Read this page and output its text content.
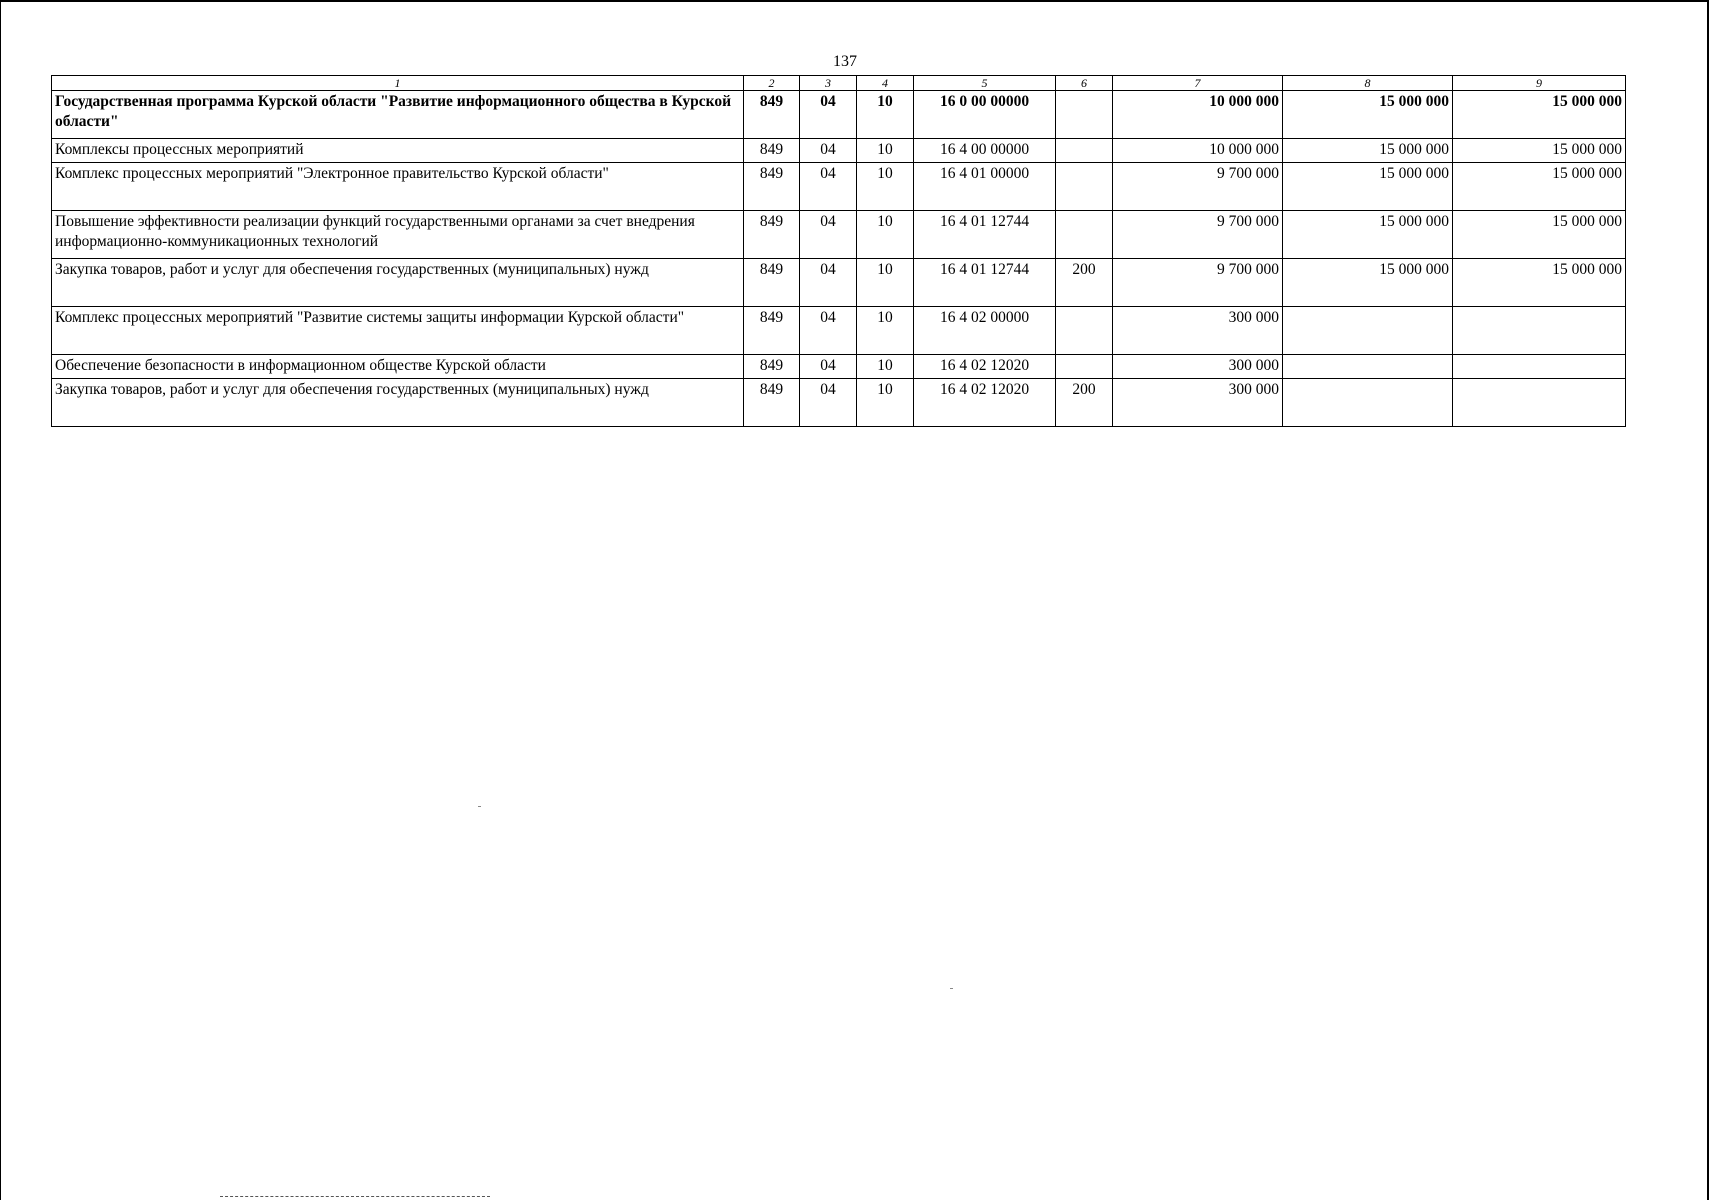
137
1	2	3	4	5	6	7	8	9
Государственная программа Курской области "Развитие информационного общества в Курской области"	849	04	10	16 0 00 00000		10 000 000	15 000 000	15 000 000
Комплексы процессных мероприятий	849	04	10	16 4 00 00000		10 000 000	15 000 000	15 000 000
Комплекс процессных мероприятий "Электронное правительство Курской области"	849	04	10	16 4 01 00000		9 700 000	15 000 000	15 000 000
Повышение эффективности реализации функций государственными органами за счет внедрения информационно-коммуникационных технологий	849	04	10	16 4 01 12744		9 700 000	15 000 000	15 000 000
Закупка товаров, работ и услуг для обеспечения государственных (муниципальных) нужд	849	04	10	16 4 01 12744	200	9 700 000	15 000 000	15 000 000
Комплекс процессных мероприятий "Развитие системы защиты информации Курской области"	849	04	10	16 4 02 00000		300 000		
Обеспечение безопасности в информационном обществе Курской области	849	04	10	16 4 02 12020		300 000		
Закупка товаров, работ и услуг для обеспечения государственных (муниципальных) нужд	849	04	10	16 4 02 12020	200	300 000		
